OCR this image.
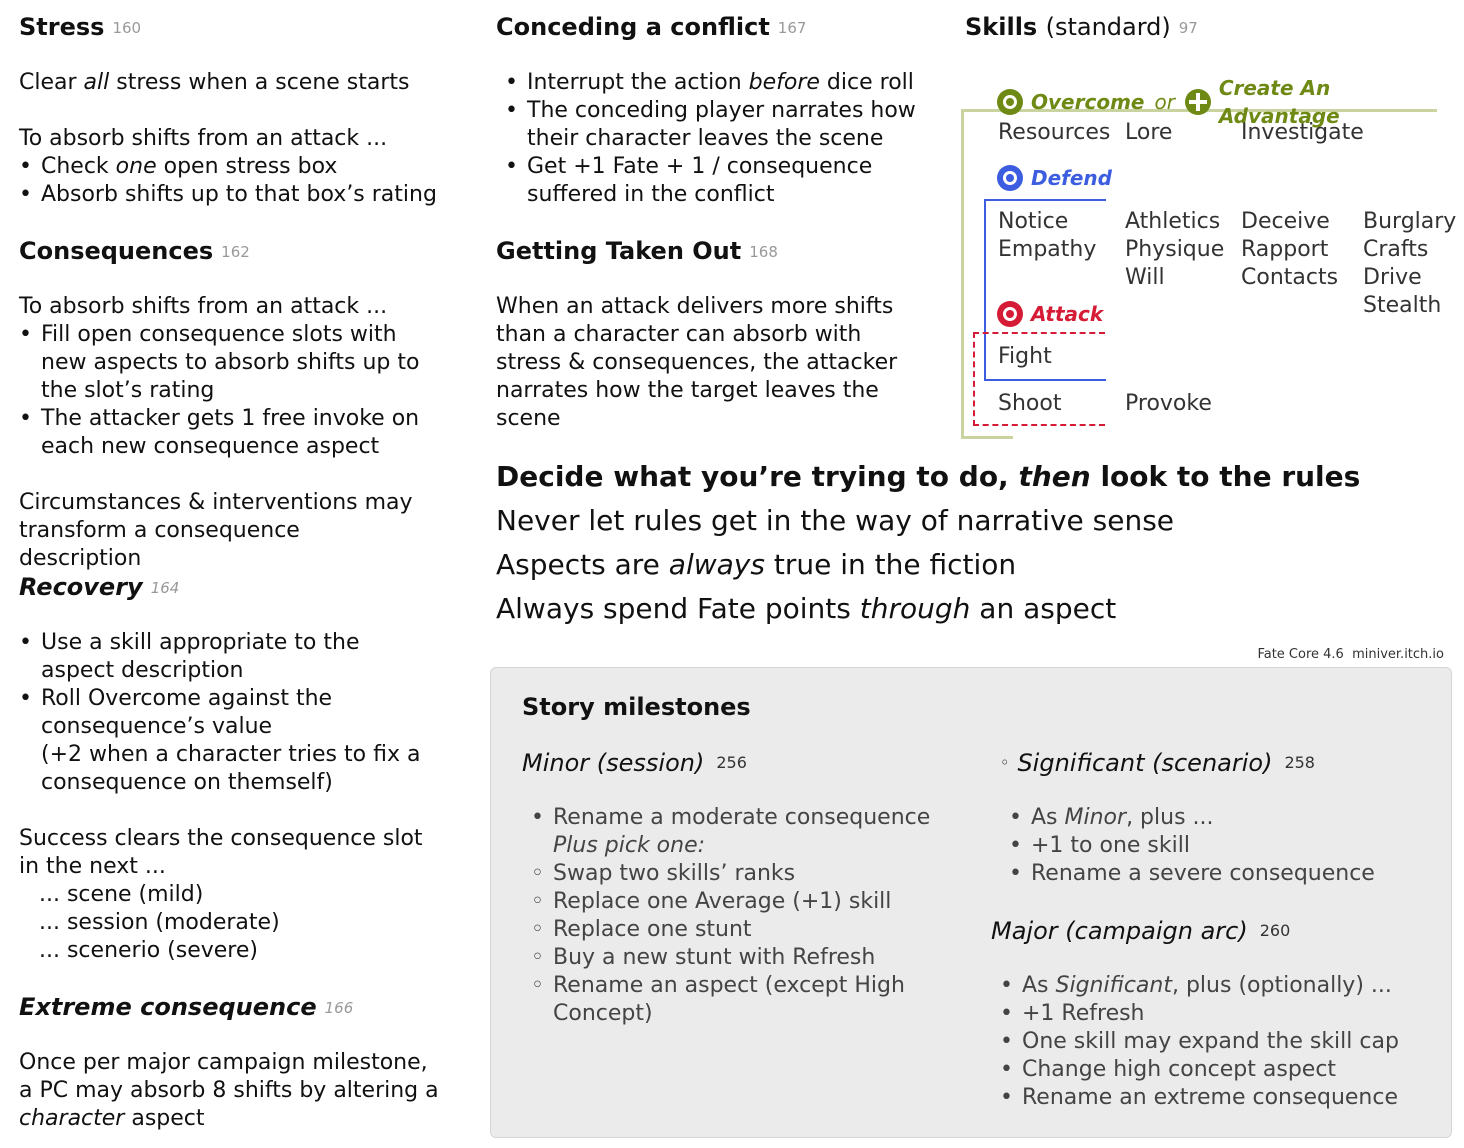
Stress 160

Clear all stress when a scene starts

To absorb shifts from an attack ...

• Check one open stress box
• Absorb shifts up to that box’s rating
Consequences 162

To absorb shifts from an attack ...

• Fill open consequence slots with new aspects to absorb shifts up to the slot’s rating
• The attacker gets 1 free invoke on each new consequence aspect

Circumstances & interventions may transform a consequence description

Recovery 164
• Use a skill appropriate to the aspect description
• Roll Overcome against the consequence’s value
(+2 when a character tries to fix a consequence on themself)

Success clears the consequence slot in the next ...

... scene (mild)

... session (moderate)

... scenerio (severe)

Extreme consequence 166

Once per major campaign milestone, a PC may absorb 8 shifts by altering a character aspect

Conceding a conflict 167
• Interrupt the action before dice roll
• The conceding player narrates how their character leaves the scene
• Get +1 Fate + 1 / consequence suffered in the conflict
Getting Taken Out 168

When an attack delivers more shifts than a character can absorb with stress & consequences, the attacker narrates how the target leaves the scene

Skills (standard) 97
Overcome or
Create An Advantage
Resources Lore	Investigate
Defend
Notice
Empathy
Athletics
Physique
Will
Deceive
Rapport
Contacts
Burglary
Crafts
Drive
Stealth
Attack
Fight
Shoot	Provoke
Decide what you’re trying to do, then look to the rules
Never let rules get in the way of narrative sense
Aspects are always true in the fiction
Always spend Fate points through an aspect
Fate Core 4.6  miniver.itch.io
Story milestones
Minor (session) 256
• Rename a moderate consequence
Plus pick one:
◦ Swap two skills’ ranks
◦ Replace one Average (+1) skill
◦ Replace one stunt
◦ Buy a new stunt with Refresh
◦ Rename an aspect (except High Concept)
◦ Significant (scenario) 258
• As Minor, plus ...
• +1 to one skill
• Rename a severe consequence
Major (campaign arc) 260
• As Significant, plus (optionally) ...
• +1 Refresh
• One skill may expand the skill cap
• Change high concept aspect
• Rename an extreme consequence
